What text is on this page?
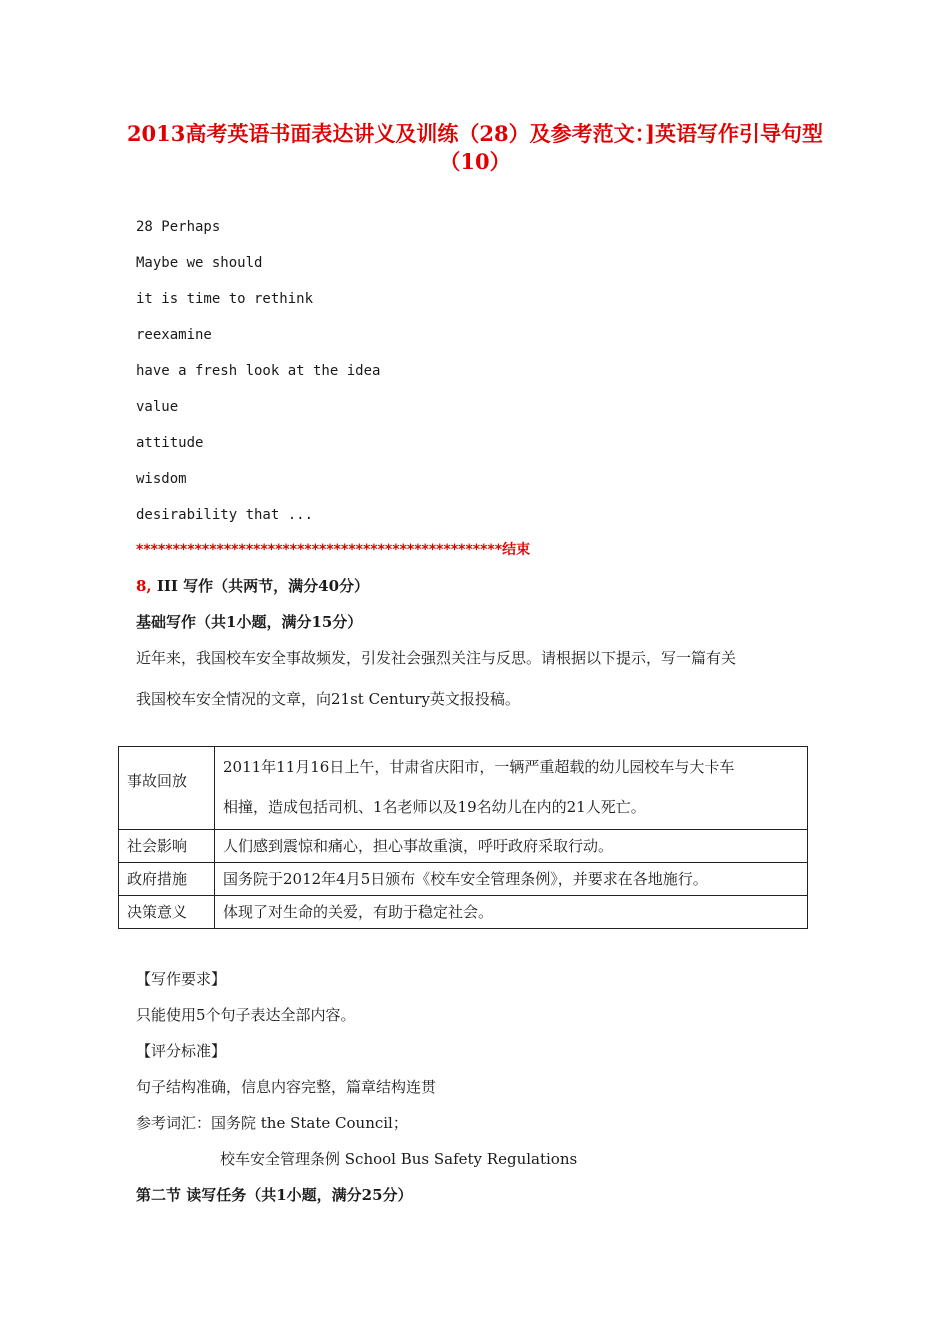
2013高考英语书面表达讲义及训练（28）及参考范文：]英语写作引导句型（10）

28 Perhaps

Maybe we should

it is time to rethink

reexamine

have a fresh look at the idea

value

attitude

wisdom

desirability that ...

**************************************************结束

8, III 写作（共两节，满分40分）

基础写作（共1小题，满分15分）

近年来，我国校车安全事故频发，引发社会强烈关注与反思。请根据以下提示，写一篇有关

我国校车安全情况的文章，向21st Century英文报投稿。

事故回放	2011年11月16日上午，甘肃省庆阳市，一辆严重超载的幼儿园校车与大卡车
相撞，造成包括司机、1名老师以及19名幼儿在内的21人死亡。

社会影响	人们感到震惊和痛心，担心事故重演，呼吁政府采取行动。
政府措施	国务院于2012年4月5日颁布《校车安全管理条例》，并要求在各地施行。
决策意义	体现了对生命的关爱，有助于稳定社会。

【写作要求】

只能使用5个句子表达全部内容。

【评分标准】

句子结构准确，信息内容完整，篇章结构连贯

参考词汇：国务院 the State Council；

校车安全管理条例 School Bus Safety Regulations

第二节 读写任务（共1小题，满分25分）
